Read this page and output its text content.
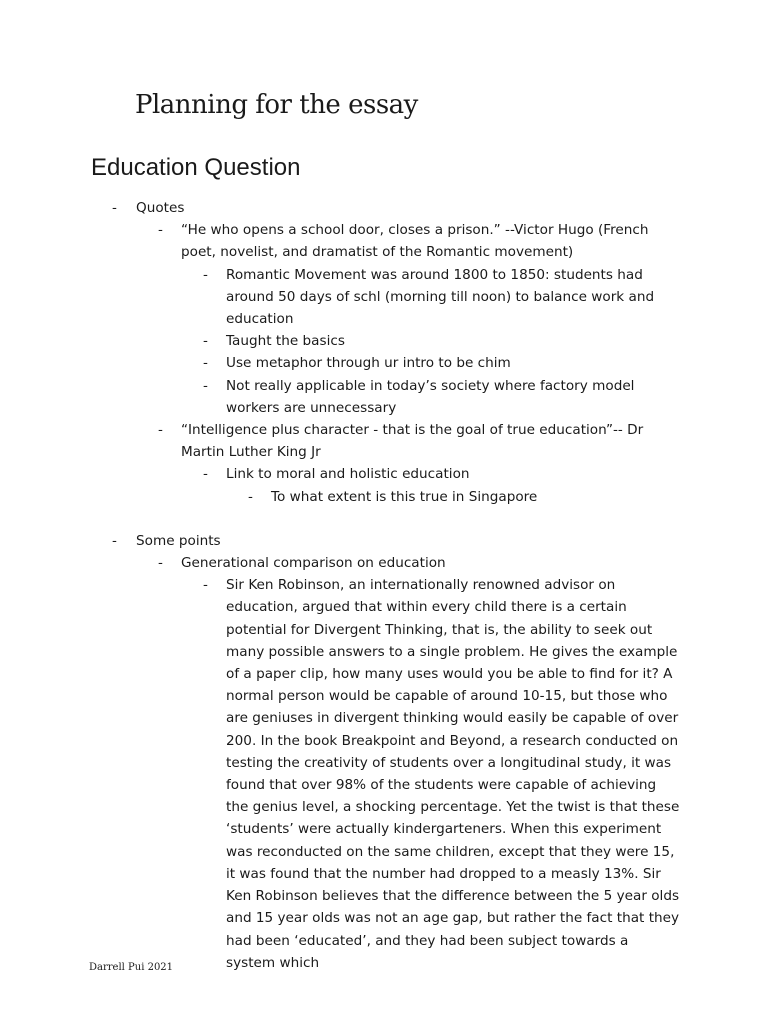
Planning for the essay
Education Question
- Quotes
- “He who opens a school door, closes a prison.” --Victor Hugo (French poet, novelist, and dramatist of the Romantic movement)
- Romantic Movement was around 1800 to 1850: students had around 50 days of schl (morning till noon) to balance work and education
- Taught the basics
- Use metaphor through ur intro to be chim
- Not really applicable in today’s society where factory model workers are unnecessary
- “Intelligence plus character - that is the goal of true education”-- Dr Martin Luther King Jr
- Link to moral and holistic education
- To what extent is this true in Singapore
- Some points
- Generational comparison on education
- Sir Ken Robinson, an internationally renowned advisor on education, argued that within every child there is a certain potential for Divergent Thinking, that is, the ability to seek out many possible answers to a single problem. He gives the example of a paper clip, how many uses would you be able to find for it? A normal person would be capable of around 10-15, but those who are geniuses in divergent thinking would easily be capable of over 200. In the book Breakpoint and Beyond, a research conducted on testing the creativity of students over a longitudinal study, it was found that over 98% of the students were capable of achieving the genius level, a shocking percentage. Yet the twist is that these ‘students’ were actually kindergarteners. When this experiment was reconducted on the same children, except that they were 15, it was found that the number had dropped to a measly 13%. Sir Ken Robinson believes that the difference between the 5 year olds and 15 year olds was not an age gap, but rather the fact that they had been ‘educated’, and they had been subject towards a system which
Darrell Pui 2021
